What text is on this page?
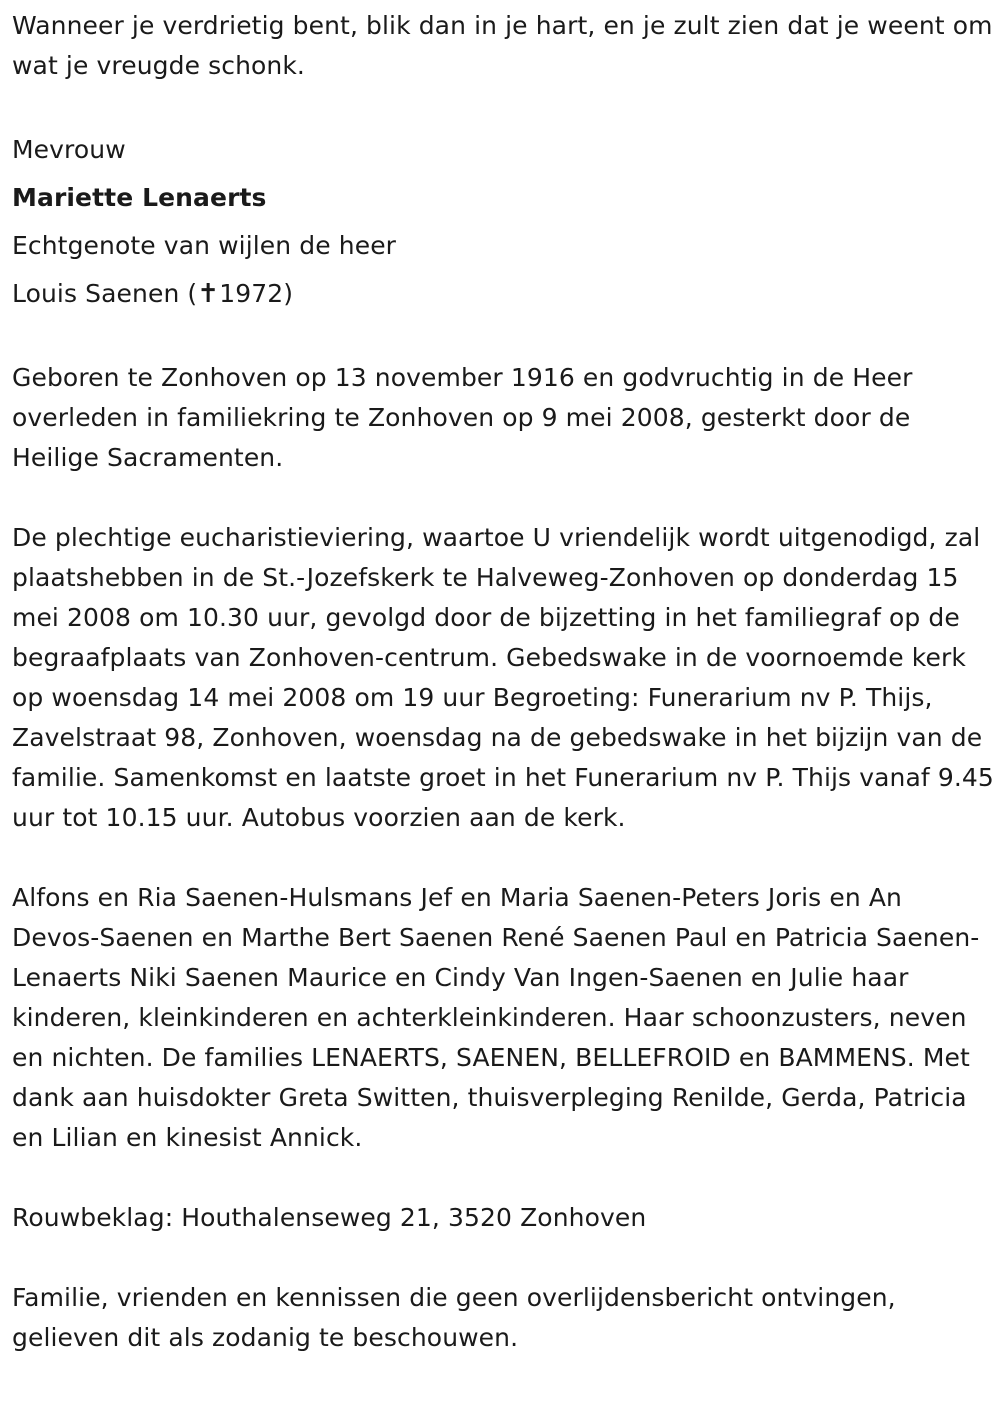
Wanneer je verdrietig bent, blik dan in je hart, en je zult zien dat je weent om wat je vreugde schonk.

Mevrouw

Mariette Lenaerts

Echtgenote van wijlen de heer

Louis Saenen (✝1972)

Geboren te Zonhoven op 13 november 1916 en godvruchtig in de Heer overleden in familiekring te Zonhoven op 9 mei 2008, gesterkt door de Heilige Sacramenten.

De plechtige eucharistieviering, waartoe U vriendelijk wordt uitgenodigd, zal plaatshebben in de St.-Jozefskerk te Halveweg-Zonhoven op donderdag 15 mei 2008 om 10.30 uur, gevolgd door de bijzetting in het familiegraf op de begraafplaats van Zonhoven-centrum. Gebedswake in de voornoemde kerk op woensdag 14 mei 2008 om 19 uur Begroeting: Funerarium nv P. Thijs, Zavelstraat 98, Zonhoven, woensdag na de gebedswake in het bijzijn van de familie. Samenkomst en laatste groet in het Funerarium nv P. Thijs vanaf 9.45 uur tot 10.15 uur. Autobus voorzien aan de kerk.

Alfons en Ria Saenen-Hulsmans Jef en Maria Saenen-Peters Joris en An Devos-Saenen en Marthe Bert Saenen René Saenen Paul en Patricia Saenen-Lenaerts Niki Saenen Maurice en Cindy Van Ingen-Saenen en Julie haar kinderen, kleinkinderen en achterkleinkinderen. Haar schoonzusters, neven en nichten. De families LENAERTS, SAENEN, BELLEFROID en BAMMENS. Met dank aan huisdokter Greta Switten, thuisverpleging Renilde, Gerda, Patricia en Lilian en kinesist Annick.

Rouwbeklag: Houthalenseweg 21, 3520 Zonhoven

Familie, vrienden en kennissen die geen overlijdensbericht ontvingen, gelieven dit als zodanig te beschouwen.
